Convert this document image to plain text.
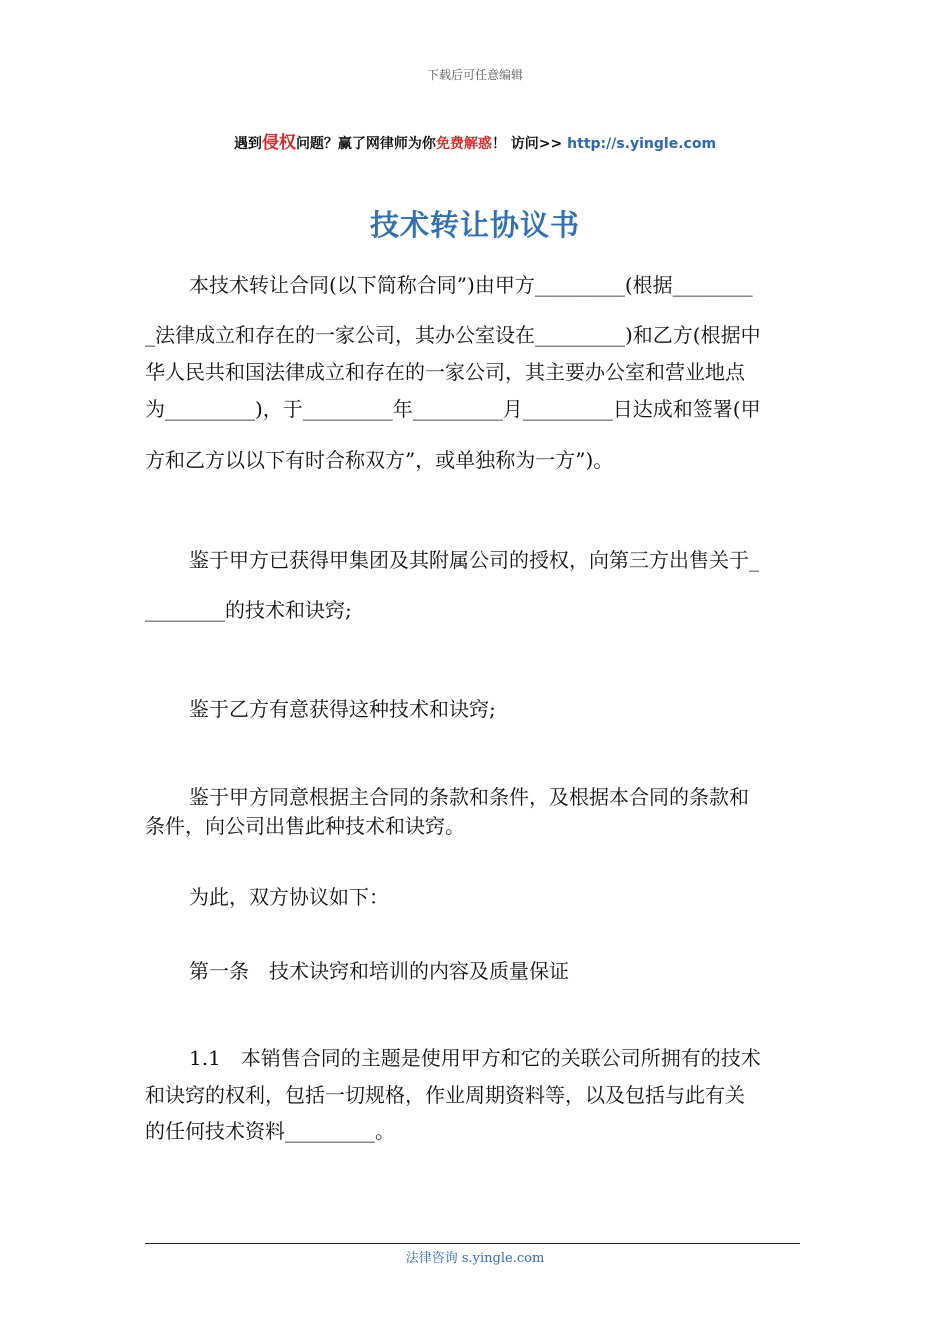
下载后可任意编辑
遇到侵权问题？赢了网律师为你免费解惑！ 访问>> http://s.yingle.com
技术转让协议书

本技术转让合同(以下简称合同”)由甲方_________(根据________

_法律成立和存在的一家公司，其办公室设在_________)和乙方(根据中

华人民共和国法律成立和存在的一家公司，其主要办公室和营业地点

为_________)，于_________年_________月_________日达成和签署(甲

方和乙方以以下有时合称双方”，或单独称为一方”)。

鉴于甲方已获得甲集团及其附属公司的授权，向第三方出售关于_

________的技术和诀窍;

鉴于乙方有意获得这种技术和诀窍;

鉴于甲方同意根据主合同的条款和条件，及根据本合同的条款和

条件，向公司出售此种技术和诀窍。

为此，双方协议如下：

第一条　技术诀窍和培训的内容及质量保证

1.1　本销售合同的主题是使用甲方和它的关联公司所拥有的技术

和诀窍的权利，包括一切规格，作业周期资料等，以及包括与此有关

的任何技术资料_________。

法律咨询 s.yingle.com
